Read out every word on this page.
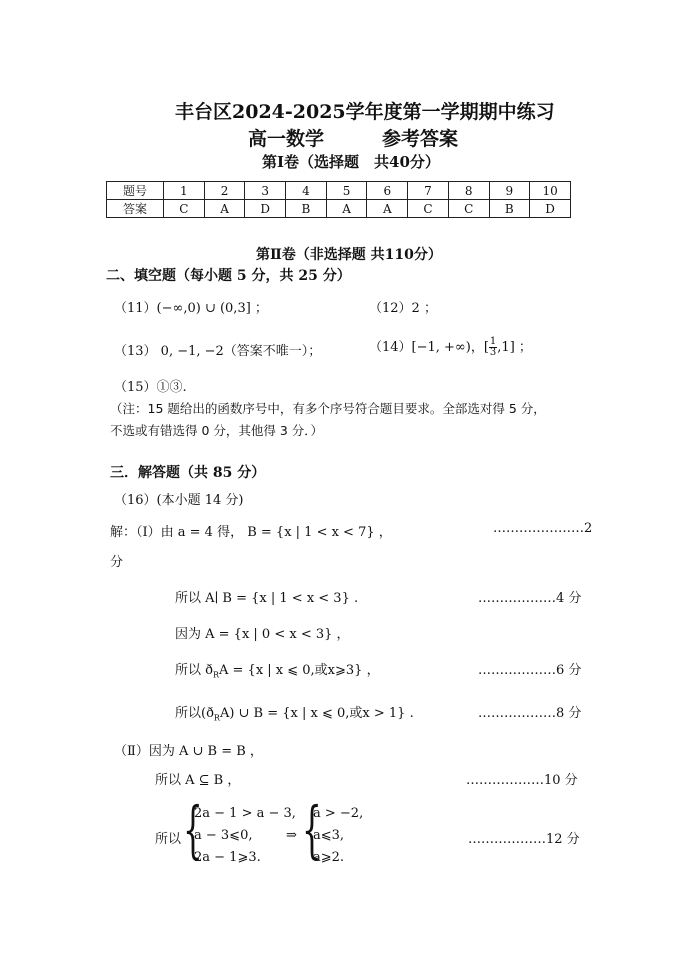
丰台区2024-2025学年度第一学期期中练习
高一数学	参考答案
第Ⅰ卷（选择题　共40分）
题号	1	2	3	4	5	6	7	8	9	10
答案	C	A	D	B	A	A	C	C	B	D
第Ⅱ卷（非选择题 共110分）
二、填空题（每小题 5 分，共 25 分）
（11）(−∞,0) ∪ (0,3] ；	（12）2 ；
（13） 0, −1, −2（答案不唯一）；	（14）[−1, +∞)，[ $\frac{1}{3} ,1$] ；
（15）①③.
（注：15 题给出的函数序号中，有多个序号符合题目要求。全部选对得 5 分，
不选或有错选得 0 分，其他得 3 分．）
三．解答题（共 85 分）
（16）(本小题 14 分)
解：（Ⅰ）由 a = 4 得， B = {x | 1 < x < 7} ，	…………………2
分
所以 A∣ B = {x | 1 < x < 3} .	………………4 分
因为 A = {x | 0 < x < 3} ，
所以 $ð_RA = \{x$ | x ⩽ 0,或x⩾3} ，	………………6 分
所以$(ð_RA)$ ∪ B = {x | x ⩽ 0,或x > 1} .	………………8 分
（Ⅱ）因为 A ∪ B = B ，
所以 A ⊆ B ，	………………10 分
所以 {
2a − 1 > a − 3,
a − 3⩽0,
2a − 1⩾3.
⇒ {
a > −2,
a⩽3,
a⩾2.
………………12 分
